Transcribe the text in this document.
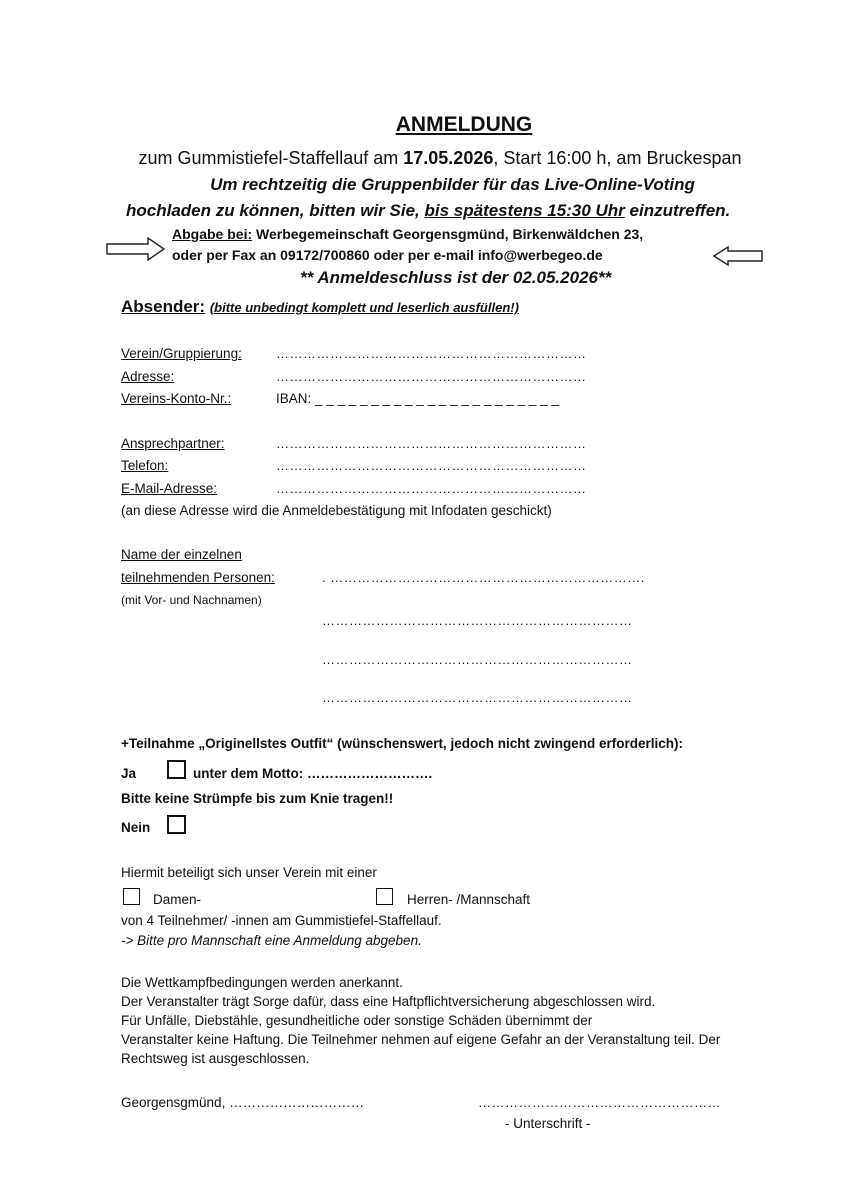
ANMELDUNG
zum Gummistiefel-Staffellauf am 17.05.2026, Start 16:00 h, am Bruckespan
Um rechtzeitig die Gruppenbilder für das Live-Online-Voting
hochladen zu können, bitten wir Sie, bis spätestens 15:30 Uhr einzutreffen.
Abgabe bei: Werbegemeinschaft Georgensgmünd, Birkenwäldchen 23,
oder per Fax an 09172/700860 oder per e-mail info@werbegeo.de
** Anmeldeschluss ist der 02.05.2026**
Absender: (bitte unbedingt komplett und leserlich ausfüllen!)
Verein/Gruppierung:	……………………………………………………………
Adresse:	……………………………………………………………
Vereins-Konto-Nr.:	IBAN: _ _ _ _ _ _ _ _ _ _ _ _ _ _ _ _ _ _ _ _ _ _
Ansprechpartner:	……………………………………………………………
Telefon:	……………………………………………………………
E-Mail-Adresse:	……………………………………………………………
(an diese Adresse wird die Anmeldebestätigung mit Infodaten geschickt)
Name der einzelnen
teilnehmenden Personen:
(mit Vor- und Nachnamen)
. …………………………………………………………….
……………………………………………………………
……………………………………………………………
……………………………………………………………
+Teilnahme „Originellstes Outfit“ (wünschenswert, jedoch nicht zwingend erforderlich):
Ja	unter dem Motto: ……………………….
Bitte keine Strümpfe bis zum Knie tragen!!
Nein
Hiermit beteiligt sich unser Verein mit einer
Damen-	Herren- /Mannschaft
von 4 Teilnehmer/ -innen am Gummistiefel-Staffellauf.
-> Bitte pro Mannschaft eine Anmeldung abgeben.
Die Wettkampfbedingungen werden anerkannt.
Der Veranstalter trägt Sorge dafür, dass eine Haftpflichtversicherung abgeschlossen wird.
Für Unfälle, Diebstähle, gesundheitliche oder sonstige Schäden übernimmt der
Veranstalter keine Haftung. Die Teilnehmer nehmen auf eigene Gefahr an der Veranstaltung teil. Der
Rechtsweg ist ausgeschlossen.
Georgensgmünd, …………………………	………………………………………………
- Unterschrift -
